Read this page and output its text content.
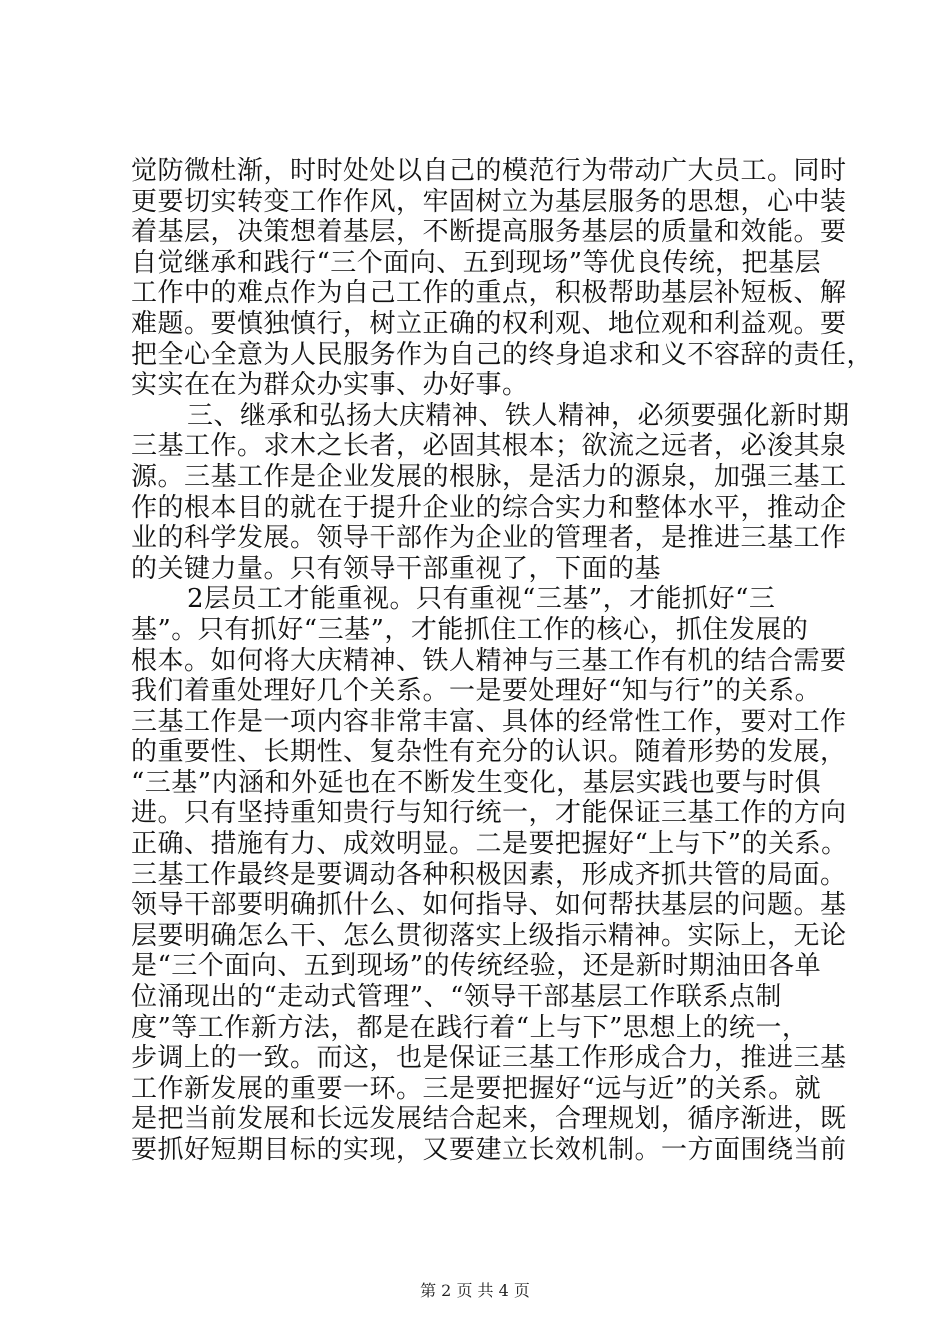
觉防微杜渐，时时处处以自己的模范行为带动广大员工。同时
更要切实转变工作作风，牢固树立为基层服务的思想，心中装
着基层，决策想着基层，不断提高服务基层的质量和效能。要
自觉继承和践行“三个面向、五到现场”等优良传统，把基层
工作中的难点作为自己工作的重点，积极帮助基层补短板、解
难题。要慎独慎行，树立正确的权利观、地位观和利益观。要
把全心全意为人民服务作为自己的终身追求和义不容辞的责任，
实实在在为群众办实事、办好事。
三、继承和弘扬大庆精神、铁人精神，必须要强化新时期
三基工作。求木之长者，必固其根本；欲流之远者，必浚其泉
源。三基工作是企业发展的根脉，是活力的源泉，加强三基工
作的根本目的就在于提升企业的综合实力和整体水平，推动企
业的科学发展。领导干部作为企业的管理者，是推进三基工作
的关键力量。只有领导干部重视了，下面的基
2层员工才能重视。只有重视“三基”，才能抓好“三
基”。只有抓好“三基”，才能抓住工作的核心，抓住发展的
根本。如何将大庆精神、铁人精神与三基工作有机的结合需要
我们着重处理好几个关系。一是要处理好“知与行”的关系。
三基工作是一项内容非常丰富、具体的经常性工作，要对工作
的重要性、长期性、复杂性有充分的认识。随着形势的发展，
“三基”内涵和外延也在不断发生变化，基层实践也要与时俱
进。只有坚持重知贵行与知行统一，才能保证三基工作的方向
正确、措施有力、成效明显。二是要把握好“上与下”的关系。
三基工作最终是要调动各种积极因素，形成齐抓共管的局面。
领导干部要明确抓什么、如何指导、如何帮扶基层的问题。基
层要明确怎么干、怎么贯彻落实上级指示精神。实际上，无论
是“三个面向、五到现场”的传统经验，还是新时期油田各单
位涌现出的“走动式管理”、“领导干部基层工作联系点制
度”等工作新方法，都是在践行着“上与下”思想上的统一，
步调上的一致。而这，也是保证三基工作形成合力，推进三基
工作新发展的重要一环。三是要把握好“远与近”的关系。就
是把当前发展和长远发展结合起来，合理规划，循序渐进，既
要抓好短期目标的实现，又要建立长效机制。一方面围绕当前
第 2 页 共 4 页
